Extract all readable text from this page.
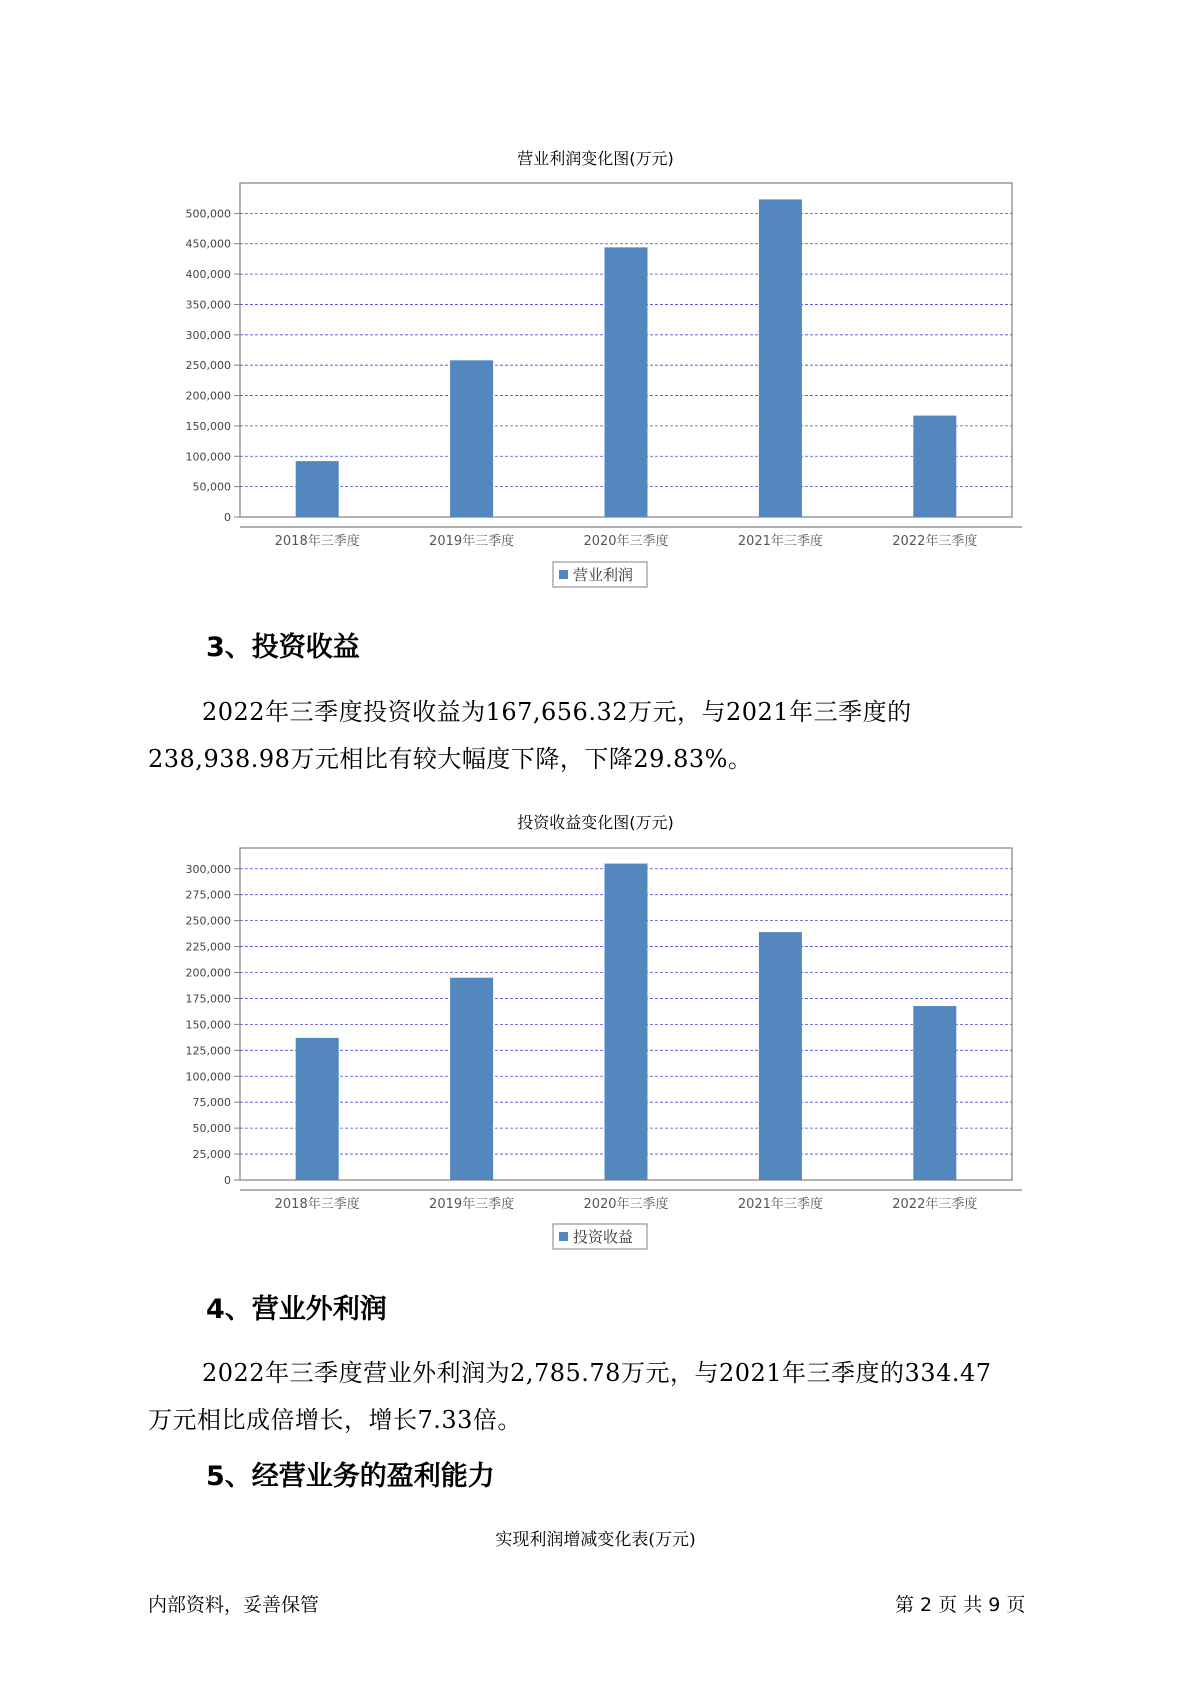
营业利润变化图(万元)
0
50,000
100,000
150,000
200,000
250,000
300,000
350,000
400,000
450,000
500,000
2018年三季度	2019年三季度	2020年三季度	2021年三季度	2022年三季度
营业利润
3、投资收益
2022年三季度投资收益为167,656.32万元，与2021年三季度的
238,938.98万元相比有较大幅度下降，下降29.83%。
投资收益变化图(万元)
0
25,000
50,000
75,000
100,000
125,000
150,000
175,000
200,000
225,000
250,000
275,000
300,000
2018年三季度	2019年三季度	2020年三季度	2021年三季度	2022年三季度
投资收益
4、营业外利润
2022年三季度营业外利润为2,785.78万元，与2021年三季度的334.47
万元相比成倍增长，增长7.33倍。
5、经营业务的盈利能力
实现利润增减变化表(万元)
内部资料，妥善保管	第 2 页 共 9 页
